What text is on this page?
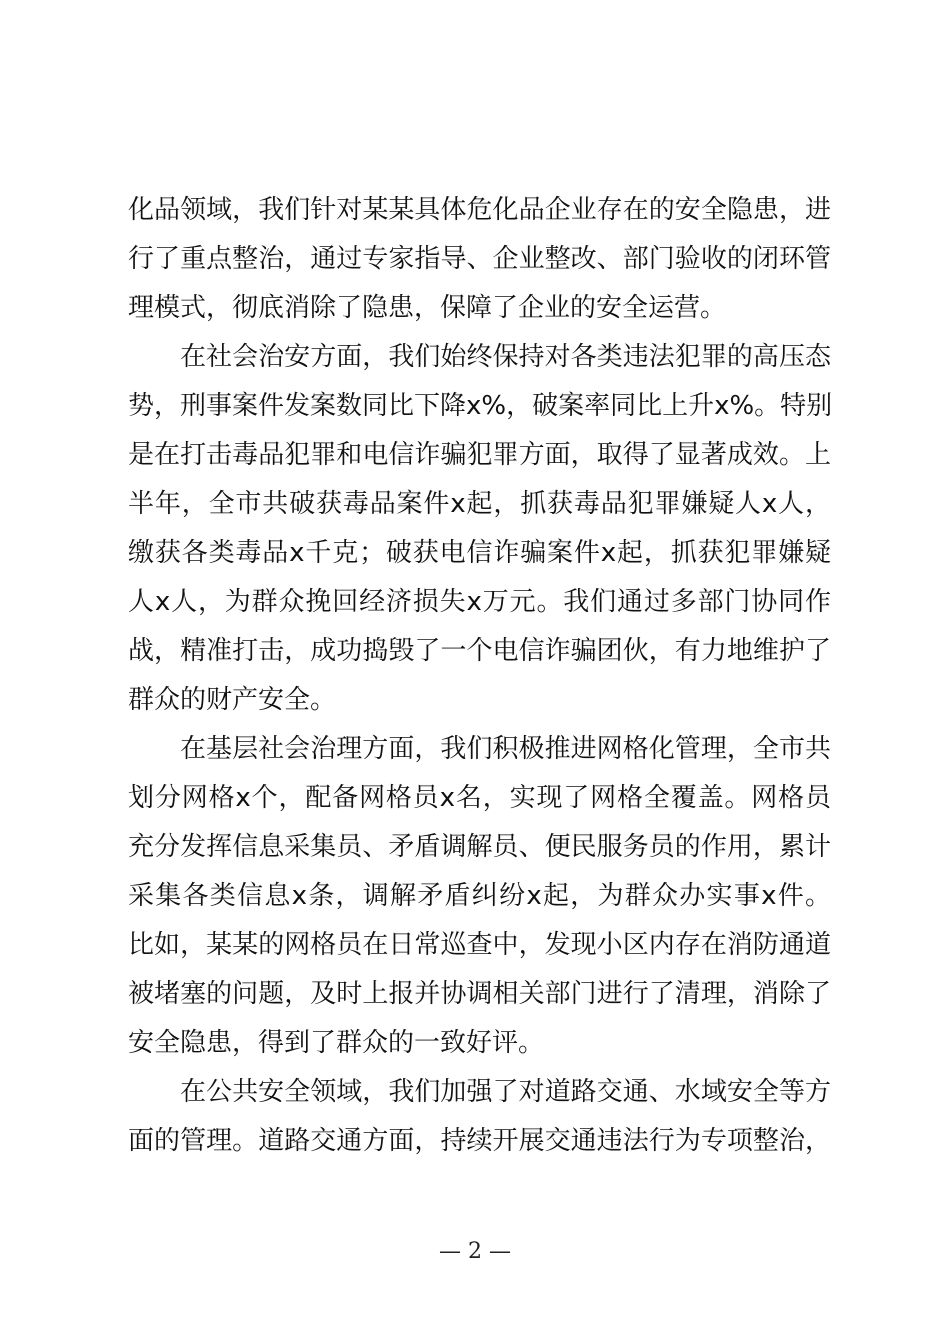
化品领域，我们针对某某具体危化品企业存在的安全隐患，进
行了重点整治，通过专家指导、企业整改、部门验收的闭环管
理模式，彻底消除了隐患，保障了企业的安全运营。
在社会治安方面，我们始终保持对各类违法犯罪的高压态
势，刑事案件发案数同比下降x%，破案率同比上升x%。特别
是在打击毒品犯罪和电信诈骗犯罪方面，取得了显著成效。上
半年，全市共破获毒品案件x起，抓获毒品犯罪嫌疑人x人，
缴获各类毒品x千克；破获电信诈骗案件x起，抓获犯罪嫌疑
人x人，为群众挽回经济损失x万元。我们通过多部门协同作
战，精准打击，成功捣毁了一个电信诈骗团伙，有力地维护了
群众的财产安全。
在基层社会治理方面，我们积极推进网格化管理，全市共
划分网格x个，配备网格员x名，实现了网格全覆盖。网格员
充分发挥信息采集员、矛盾调解员、便民服务员的作用，累计
采集各类信息x条，调解矛盾纠纷x起，为群众办实事x件。
比如，某某的网格员在日常巡查中，发现小区内存在消防通道
被堵塞的问题，及时上报并协调相关部门进行了清理，消除了
安全隐患，得到了群众的一致好评。
在公共安全领域，我们加强了对道路交通、水域安全等方
面的管理。道路交通方面，持续开展交通违法行为专项整治，
— 2 —
